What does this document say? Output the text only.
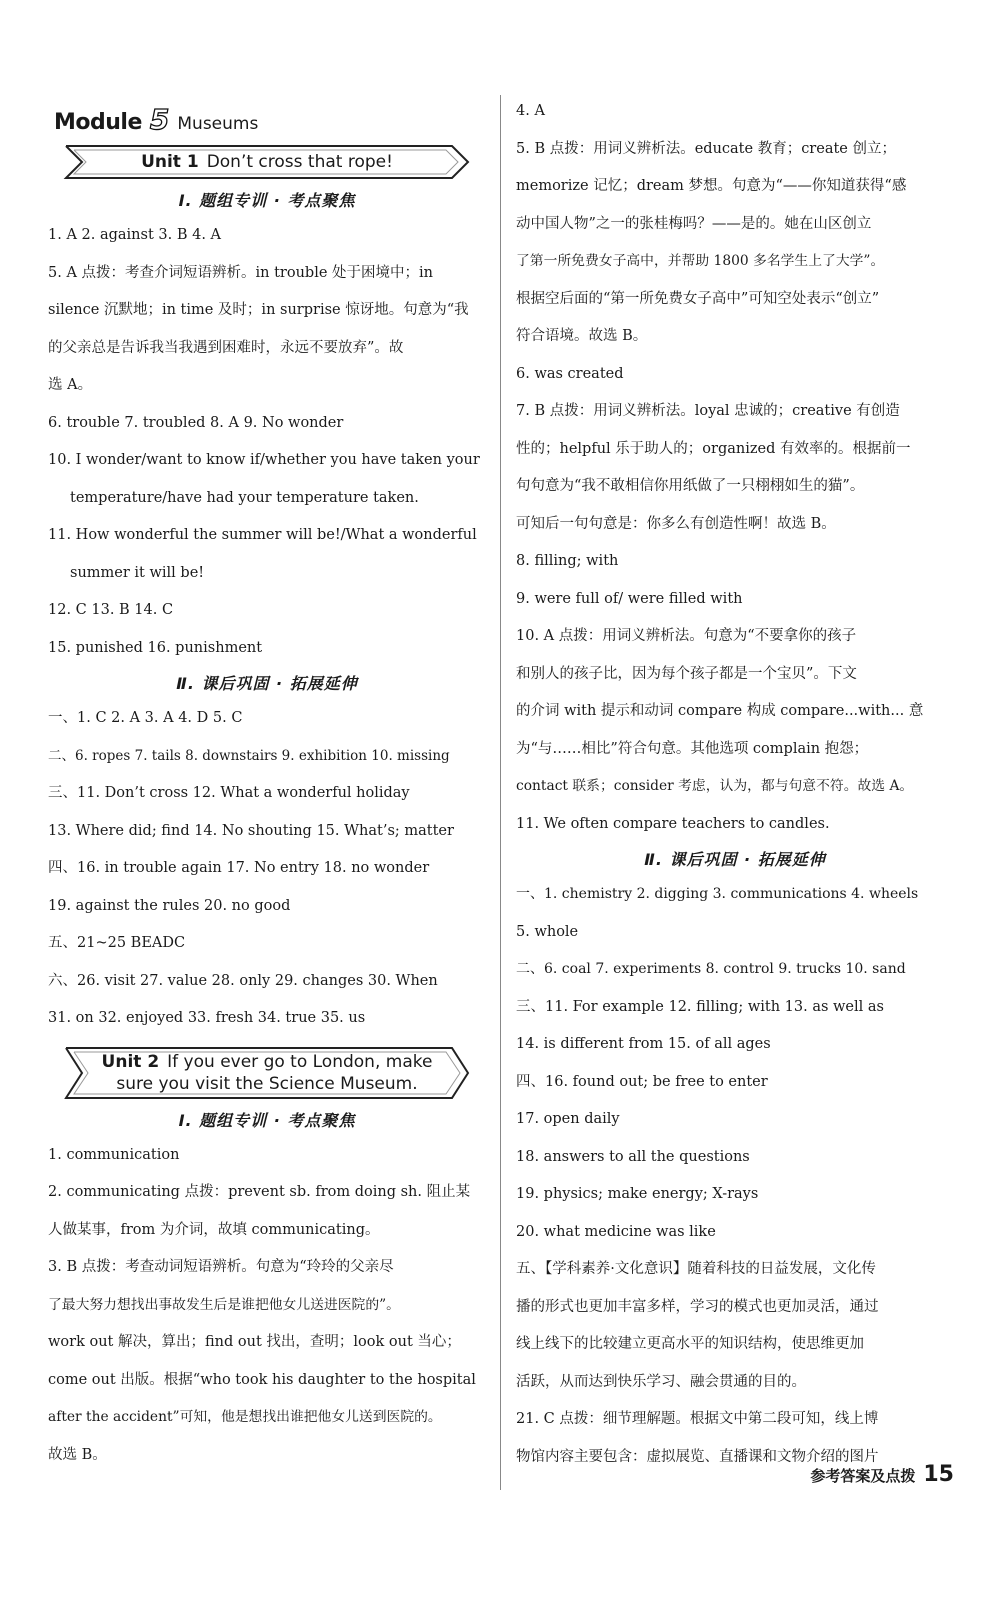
Module 5 Museums
Unit 1 Don’t cross that rope!
Ⅰ. 题组专训 · 考点聚焦

1. A 2. against 3. B 4. A

5. A 点拨：考查介词短语辨析。in trouble 处于困境中；in

silence 沉默地；in time 及时；in surprise 惊讶地。句意为“我

的父亲总是告诉我当我遇到困难时，永远不要放弃”。故

选 A。

6. trouble 7. troubled 8. A 9. No wonder

10. I wonder/want to know if/whether you have taken your

temperature/have had your temperature taken.

11. How wonderful the summer will be!/What a wonderful

summer it will be!

12. C 13. B 14. C

15. punished 16. punishment

Ⅱ. 课后巩固 · 拓展延伸

一、1. C 2. A 3. A 4. D 5. C

二、6. ropes 7. tails 8. downstairs 9. exhibition 10. missing

三、11. Don’t cross 12. What a wonderful holiday

13. Where did; find 14. No shouting 15. What’s; matter

四、16. in trouble again 17. No entry 18. no wonder

19. against the rules 20. no good

五、21~25 BEADC

六、26. visit 27. value 28. only 29. changes 30. When

31. on 32. enjoyed 33. fresh 34. true 35. us

Unit 2 If you ever go to London, make
sure you visit the Science Museum.
Ⅰ. 题组专训 · 考点聚焦

1. communication

2. communicating 点拨：prevent sb. from doing sh. 阻止某

人做某事，from 为介词，故填 communicating。

3. B 点拨：考查动词短语辨析。句意为“玲玲的父亲尽

了最大努力想找出事故发生后是谁把他女儿送进医院的”。

work out 解决，算出；find out 找出，查明；look out 当心；

come out 出版。根据“who took his daughter to the hospital

after the accident”可知，他是想找出谁把他女儿送到医院的。

故选 B。

4. A

5. B 点拨：用词义辨析法。educate 教育；create 创立；

memorize 记忆；dream 梦想。句意为“——你知道获得“感

动中国人物”之一的张桂梅吗？——是的。她在山区创立

了第一所免费女子高中，并帮助 1800 多名学生上了大学”。

根据空后面的“第一所免费女子高中”可知空处表示“创立”

符合语境。故选 B。

6. was created

7. B 点拨：用词义辨析法。loyal 忠诚的；creative 有创造

性的；helpful 乐于助人的；organized 有效率的。根据前一

句句意为“我不敢相信你用纸做了一只栩栩如生的猫”。

可知后一句句意是：你多么有创造性啊！故选 B。

8. filling; with

9. were full of/ were filled with

10. A 点拨：用词义辨析法。句意为“不要拿你的孩子

和别人的孩子比，因为每个孩子都是一个宝贝”。下文

的介词 with 提示和动词 compare 构成 compare...with... 意

为“与……相比”符合句意。其他选项 complain 抱怨；

contact 联系；consider 考虑，认为，都与句意不符。故选 A。

11. We often compare teachers to candles.

Ⅱ. 课后巩固 · 拓展延伸

一、1. chemistry 2. digging 3. communications 4. wheels

5. whole

二、6. coal 7. experiments 8. control 9. trucks 10. sand

三、11. For example 12. filling; with 13. as well as

14. is different from 15. of all ages

四、16. found out; be free to enter

17. open daily

18. answers to all the questions

19. physics; make energy; X-rays

20. what medicine was like

五、【学科素养·文化意识】随着科技的日益发展，文化传

播的形式也更加丰富多样，学习的模式也更加灵活，通过

线上线下的比较建立更高水平的知识结构，使思维更加

活跃，从而达到快乐学习、融会贯通的目的。

21. C 点拨：细节理解题。根据文中第二段可知，线上博

物馆内容主要包含：虚拟展览、直播课和文物介绍的图片

参考答案及点拨 15
